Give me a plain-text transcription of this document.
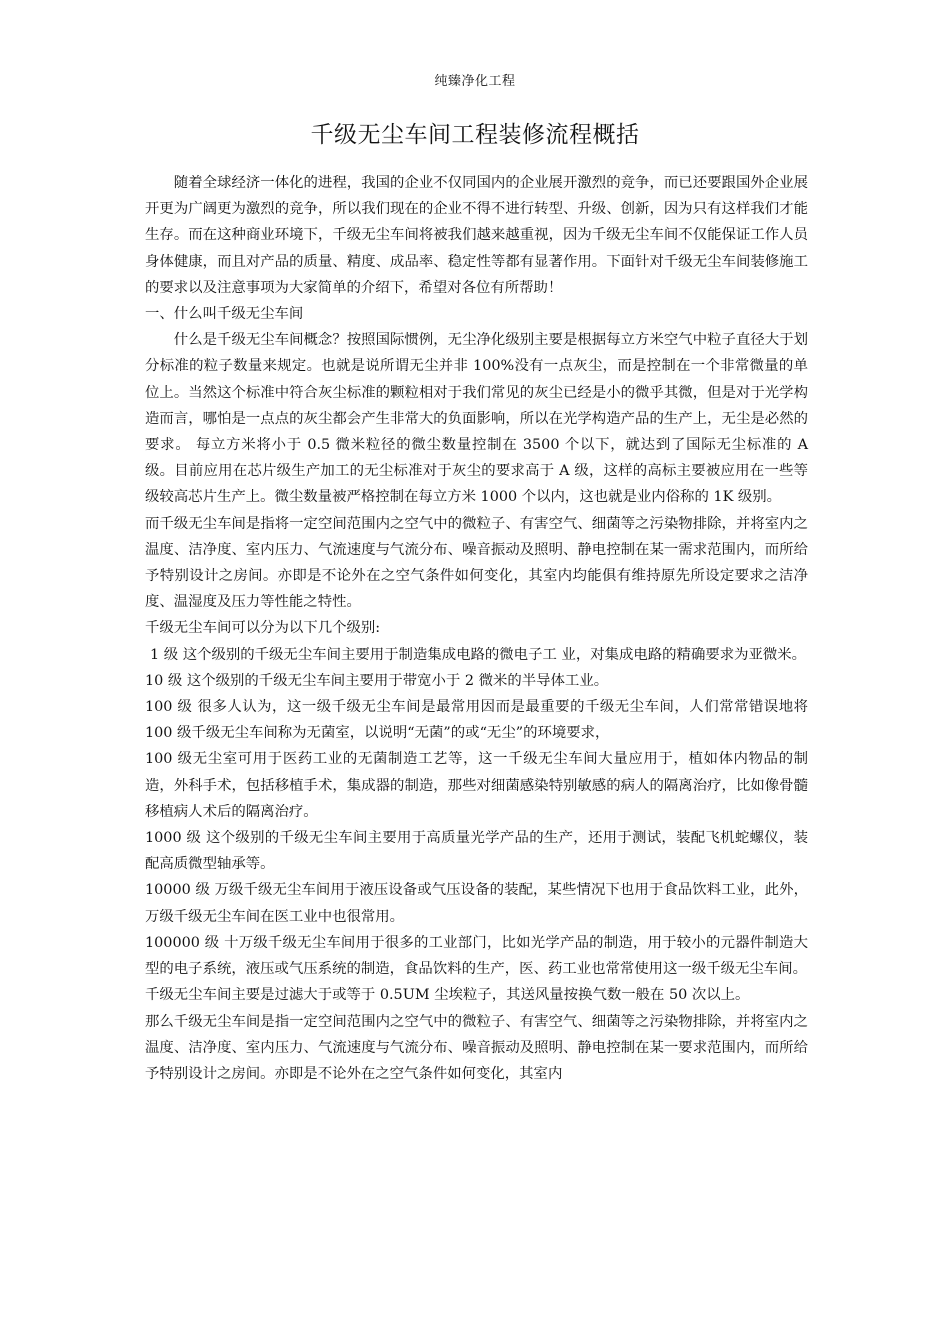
纯臻净化工程
千级无尘车间工程装修流程概括

随着全球经济一体化的进程，我国的企业不仅同国内的企业展开激烈的竞争，而已还要跟国外企业展开更为广阔更为激烈的竞争，所以我们现在的企业不得不进行转型、升级、创新，因为只有这样我们才能生存。而在这种商业环境下，千级无尘车间将被我们越来越重视，因为千级无尘车间不仅能保证工作人员身体健康，而且对产品的质量、精度、成品率、稳定性等都有显著作用。下面针对千级无尘车间装修施工的要求以及注意事项为大家简单的介绍下，希望对各位有所帮助！

一、什么叫千级无尘车间

什么是千级无尘车间概念？按照国际惯例，无尘净化级别主要是根据每立方米空气中粒子直径大于划分标准的粒子数量来规定。也就是说所谓无尘并非 100%没有一点灰尘，而是控制在一个非常微量的单位上。当然这个标准中符合灰尘标准的颗粒相对于我们常见的灰尘已经是小的微乎其微，但是对于光学构造而言，哪怕是一点点的灰尘都会产生非常大的负面影响，所以在光学构造产品的生产上，无尘是必然的要求。 每立方米将小于 0.5 微米粒径的微尘数量控制在 3500 个以下，就达到了国际无尘标准的 A 级。目前应用在芯片级生产加工的无尘标准对于灰尘的要求高于 A 级，这样的高标主要被应用在一些等级较高芯片生产上。微尘数量被严格控制在每立方米 1000 个以内，这也就是业内俗称的 1K 级别。

而千级无尘车间是指将一定空间范围内之空气中的微粒子、有害空气、细菌等之污染物排除，并将室内之温度、洁净度、室内压力、气流速度与气流分布、噪音振动及照明、静电控制在某一需求范围内，而所给予特别设计之房间。亦即是不论外在之空气条件如何变化，其室内均能俱有维持原先所设定要求之洁净度、温湿度及压力等性能之特性。

千级无尘车间可以分为以下几个级别:

1 级 这个级别的千级无尘车间主要用于制造集成电路的微电子工 业，对集成电路的精确要求为亚微米。

10 级 这个级别的千级无尘车间主要用于带宽小于 2 微米的半导体工业。

100 级 很多人认为，这一级千级无尘车间是最常用因而是最重要的千级无尘车间，人们常常错误地将 100 级千级无尘车间称为无菌室，以说明“无菌”的或“无尘”的环境要求，

100 级无尘室可用于医药工业的无菌制造工艺等，这一千级无尘车间大量应用于，植如体内物品的制造，外科手术，包括移植手术，集成器的制造，那些对细菌感染特别敏感的病人的隔离治疗，比如像骨髓移植病人术后的隔离治疗。

1000 级 这个级别的千级无尘车间主要用于高质量光学产品的生产，还用于测试，装配飞机蛇螺仪，装配高质微型轴承等。

10000 级 万级千级无尘车间用于液压设备或气压设备的装配，某些情况下也用于食品饮料工业，此外，万级千级无尘车间在医工业中也很常用。

100000 级 十万级千级无尘车间用于很多的工业部门，比如光学产品的制造，用于较小的元器件制造大型的电子系统，液压或气压系统的制造，食品饮料的生产，医、药工业也常常使用这一级千级无尘车间。

千级无尘车间主要是过滤大于或等于 0.5UM 尘埃粒子，其送风量按换气数一般在 50 次以上。

那么千级无尘车间是指一定空间范围内之空气中的微粒子、有害空气、细菌等之污染物排除，并将室内之温度、洁净度、室内压力、气流速度与气流分布、噪音振动及照明、静电控制在某一要求范围内，而所给予特别设计之房间。亦即是不论外在之空气条件如何变化，其室内
